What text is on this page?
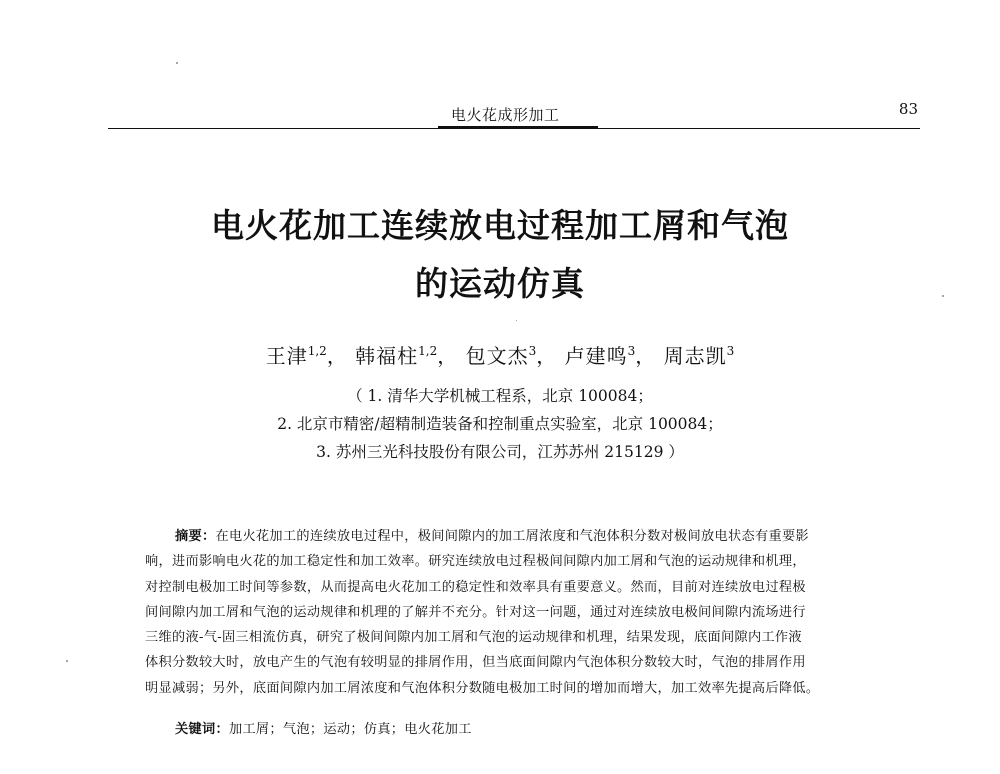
电火花成形加工	83
电火花加工连续放电过程加工屑和气泡
的运动仿真
王津$^{1,2}$， 韩福柱$^{1,2}$， 包文杰$^3$， 卢建鸣$^3$， 周志凯$^3$
（ 1. 清华大学机械工程系，北京 100084；
2. 北京市精密/超精制造装备和控制重点实验室，北京 100084；
3. 苏州三光科技股份有限公司，江苏苏州 215129 ）
摘要：在电火花加工的连续放电过程中，极间间隙内的加工屑浓度和气泡体积分数对极间放电状态有重要影
响，进而影响电火花的加工稳定性和加工效率。研究连续放电过程极间间隙内加工屑和气泡的运动规律和机理，
对控制电极加工时间等参数，从而提高电火花加工的稳定性和效率具有重要意义。然而，目前对连续放电过程极
间间隙内加工屑和气泡的运动规律和机理的了解并不充分。针对这一问题，通过对连续放电极间间隙内流场进行
三维的液-气-固三相流仿真，研究了极间间隙内加工屑和气泡的运动规律和机理，结果发现，底面间隙内工作液
体积分数较大时，放电产生的气泡有较明显的排屑作用，但当底面间隙内气泡体积分数较大时，气泡的排屑作用
明显减弱；另外，底面间隙内加工屑浓度和气泡体积分数随电极加工时间的增加而增大，加工效率先提高后降低。
关键词：加工屑；气泡；运动；仿真；电火花加工
